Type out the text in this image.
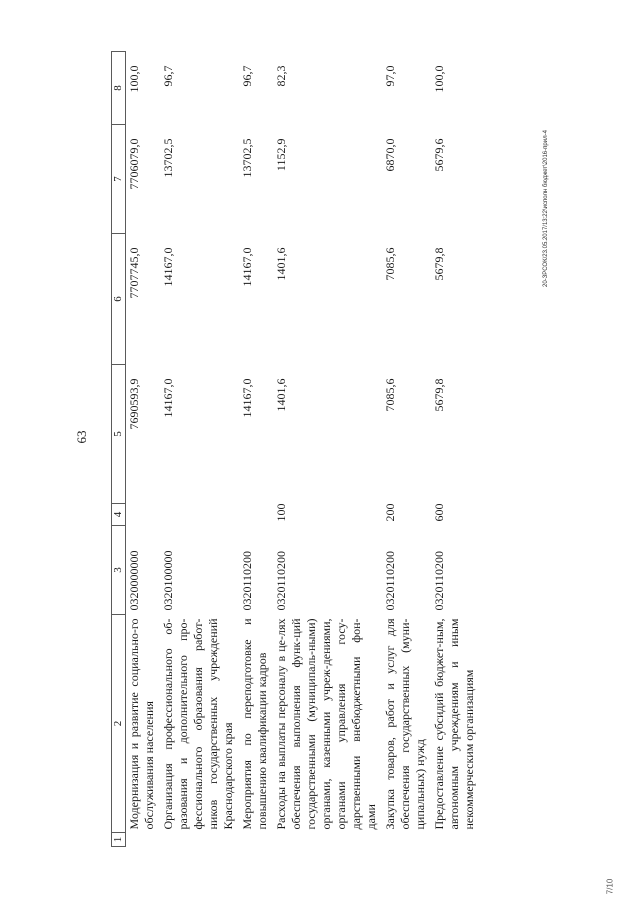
63
1	2	3	4	5	6	7	8
	Модернизация и развитие социально-го обслуживания населения	0320000000		7690593,9	7707745,0	7706079,0	100,0
	Организация профессионального об-разования и дополнительного про-фессионального образования работ-ников государственных учреждений Краснодарского края	0320100000		14167,0	14167,0	13702,5	96,7
	Мероприятия по переподготовке и повышению квалификации кадров	0320110200		14167,0	14167,0	13702,5	96,7
	Расходы на выплаты персоналу в це-лях обеспечения выполнения функ-ций государственными (муниципаль-ными) органами, казенными учреж-дениями, органами управления госу-дарственными внебюджетными фон-дами	0320110200	100	1401,6	1401,6	1152,9	82,3
	Закупка товаров, работ и услуг для обеспечения государственных (муни-ципальных) нужд	0320110200	200	7085,6	7085,6	6870,0	97,0
	Предоставление субсидий бюджет-ным, автономным учреждениям и иным некоммерческим организациям	0320110200	600	5679,8	5679,8	5679,6	100,0
20-ЗРСОК/23.05.2017/13:22\исполн бюджет\2016-прил-4
7/10
